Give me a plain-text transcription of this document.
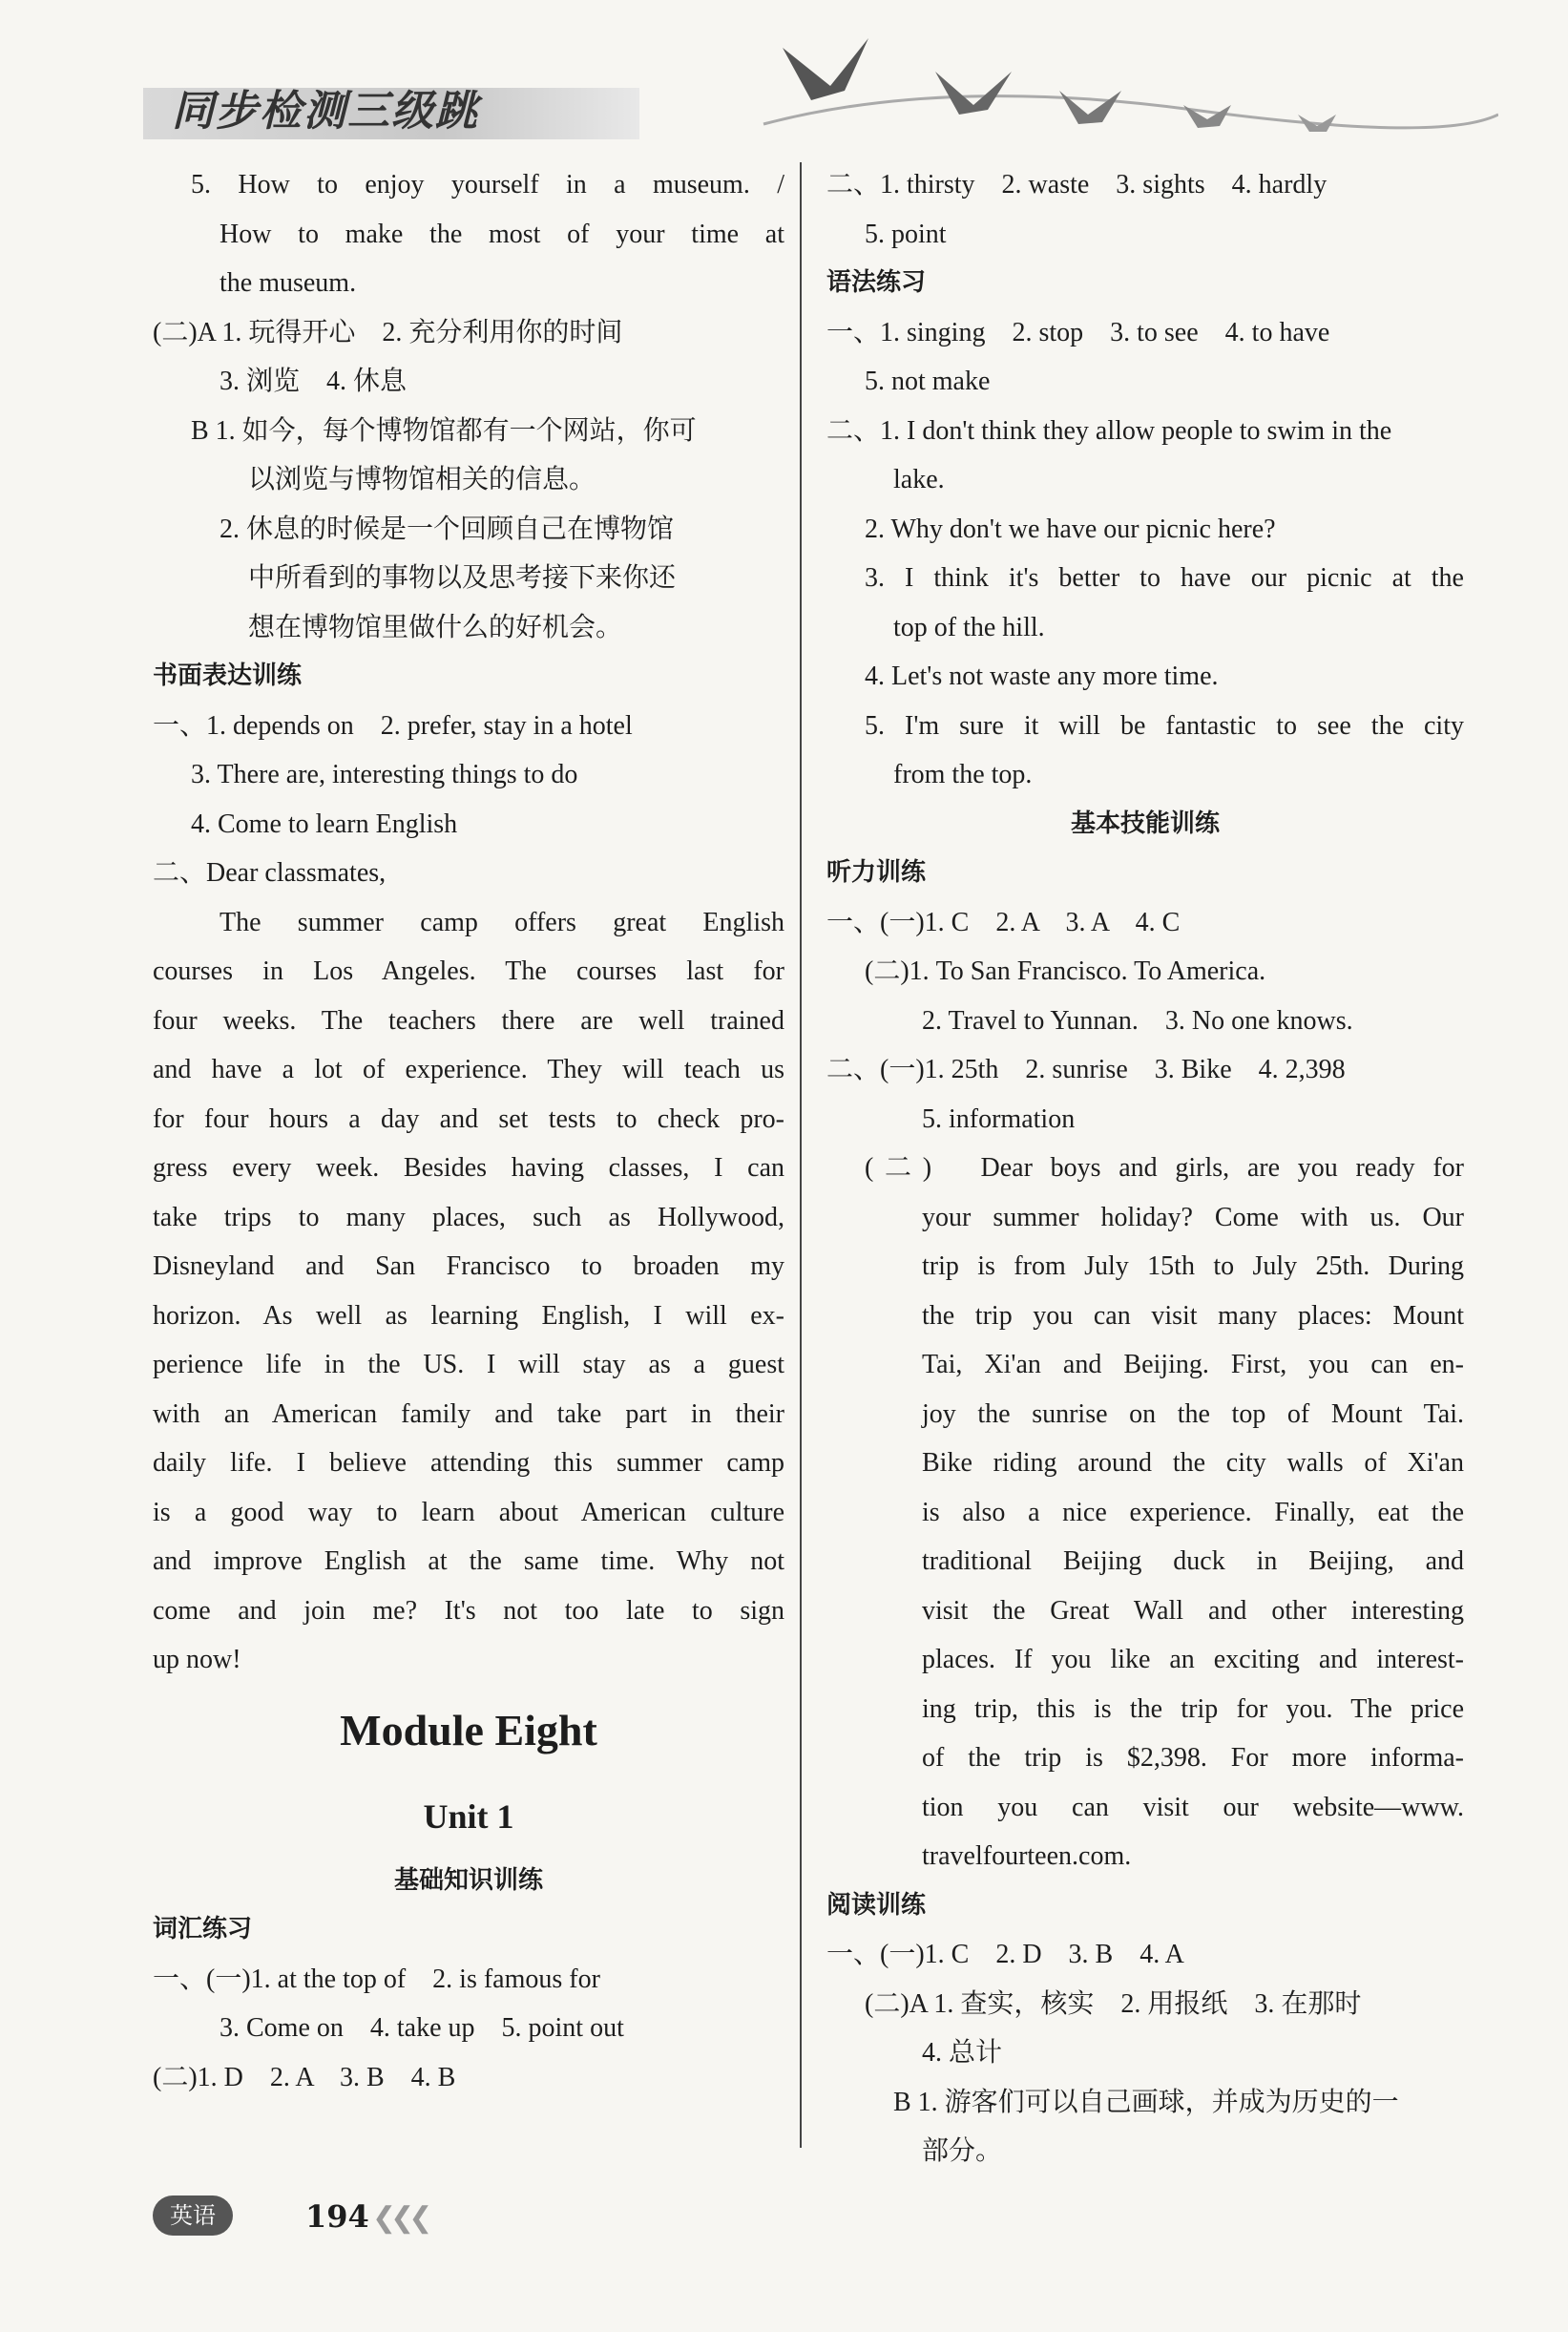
同步检测三级跳
5. How to enjoy yourself in a museum. /
How to make the most of your time at
the museum.
(二)A 1. 玩得开心　2. 充分利用你的时间
3. 浏览　4. 休息
B 1. 如今，每个博物馆都有一个网站，你可
以浏览与博物馆相关的信息。
2. 休息的时候是一个回顾自己在博物馆
中所看到的事物以及思考接下来你还
想在博物馆里做什么的好机会。
书面表达训练
一、1. depends on　2. prefer, stay in a hotel
3. There are, interesting things to do
4. Come to learn English
二、Dear classmates,
The summer camp offers great English
courses in Los Angeles. The courses last for
four weeks. The teachers there are well trained
and have a lot of experience. They will teach us
for four hours a day and set tests to check pro-
gress every week. Besides having classes, I can
take trips to many places, such as Hollywood,
Disneyland and San Francisco to broaden my
horizon. As well as learning English, I will ex-
perience life in the US. I will stay as a guest
with an American family and take part in their
daily life. I believe attending this summer camp
is a good way to learn about American culture
and improve English at the same time. Why not
come and join me? It's not too late to sign
up now!
Module Eight
Unit 1
基础知识训练
词汇练习
一、(一)1. at the top of　2. is famous for
3. Come on　4. take up　5. point out
(二)1. D　2. A　3. B　4. B
二、1. thirsty　2. waste　3. sights　4. hardly
5. point
语法练习
一、1. singing　2. stop　3. to see　4. to have
5. not make
二、1. I don't think they allow people to swim in the
lake.
2. Why don't we have our picnic here?
3. I think it's better to have our picnic at the
top of the hill.
4. Let's not waste any more time.
5. I'm sure it will be fantastic to see the city
from the top.
基本技能训练
听力训练
一、(一)1. C　2. A　3. A　4. C
(二)1. To San Francisco. To America.
2. Travel to Yunnan.　3. No one knows.
二、(一)1. 25th　2. sunrise　3. Bike　4. 2,398
5. information
(二)　Dear boys and girls, are you ready for
your summer holiday? Come with us. Our
trip is from July 15th to July 25th. During
the trip you can visit many places: Mount
Tai, Xi'an and Beijing. First, you can en-
joy the sunrise on the top of Mount Tai.
Bike riding around the city walls of Xi'an
is also a nice experience. Finally, eat the
traditional Beijing duck in Beijing, and
visit the Great Wall and other interesting
places. If you like an exciting and interest-
ing trip, this is the trip for you. The price
of the trip is $2,398. For more informa-
tion you can visit our website—www.
travelfourteen.com.
阅读训练
一、(一)1. C　2. D　3. B　4. A
(二)A 1. 查实，核实　2. 用报纸　3. 在那时
4. 总计
B 1. 游客们可以自己画球，并成为历史的一
部分。
英语	194 ❮❮❮
